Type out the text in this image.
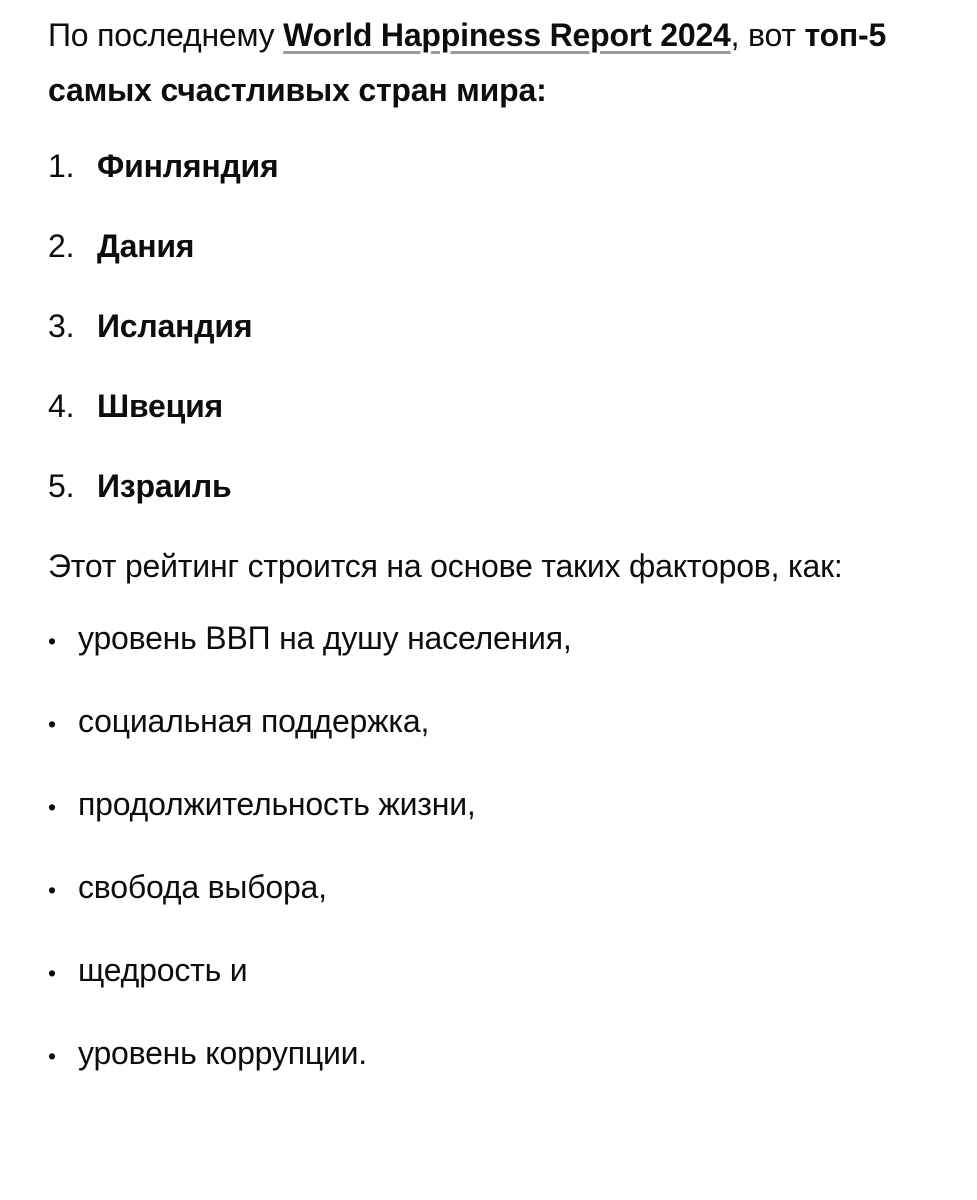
По последнему World Happiness Report 2024, вот топ-5 самых счастливых стран мира:

1. Финляндия
2. Дания
3. Исландия
4. Швеция
5. Израиль

Этот рейтинг строится на основе таких факторов, как:

• уровень ВВП на душу населения,
• социальная поддержка,
• продолжительность жизни,
• свобода выбора,
• щедрость и
• уровень коррупции.
